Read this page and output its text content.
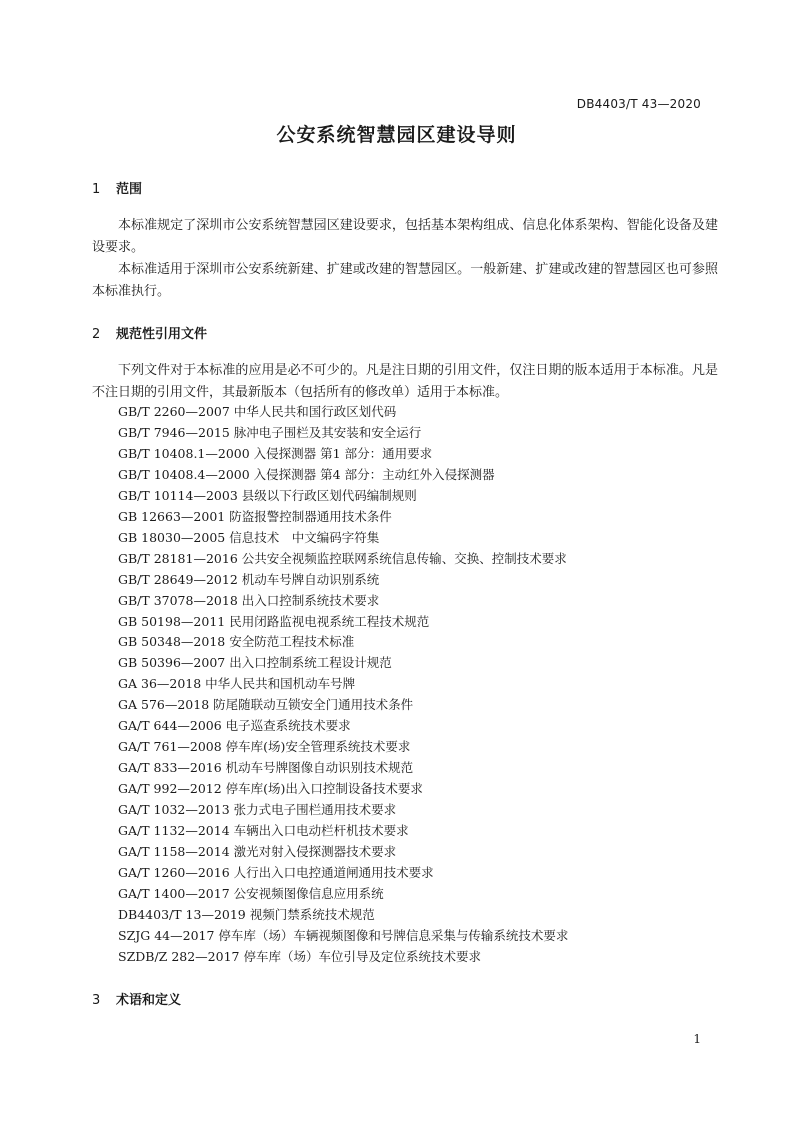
DB4403/T 43—2020
公安系统智慧园区建设导则
1 范围

本标准规定了深圳市公安系统智慧园区建设要求，包括基本架构组成、信息化体系架构、智能化设备及建设要求。

本标准适用于深圳市公安系统新建、扩建或改建的智慧园区。一般新建、扩建或改建的智慧园区也可参照本标准执行。

2 规范性引用文件

下列文件对于本标准的应用是必不可少的。凡是注日期的引用文件，仅注日期的版本适用于本标准。凡是不注日期的引用文件，其最新版本（包括所有的修改单）适用于本标准。

GB/T 2260—2007 中华人民共和国行政区划代码
GB/T 7946—2015 脉冲电子围栏及其安装和安全运行
GB/T 10408.1—2000 入侵探测器 第1 部分：通用要求
GB/T 10408.4—2000 入侵探测器 第4 部分：主动红外入侵探测器
GB/T 10114—2003 县级以下行政区划代码编制规则
GB 12663—2001 防盗报警控制器通用技术条件
GB 18030—2005 信息技术　中文编码字符集
GB/T 28181—2016 公共安全视频监控联网系统信息传输、交换、控制技术要求
GB/T 28649—2012 机动车号牌自动识别系统
GB/T 37078—2018 出入口控制系统技术要求
GB 50198—2011 民用闭路监视电视系统工程技术规范
GB 50348—2018 安全防范工程技术标准
GB 50396—2007 出入口控制系统工程设计规范
GA 36—2018 中华人民共和国机动车号牌
GA 576—2018 防尾随联动互锁安全门通用技术条件
GA/T 644—2006 电子巡查系统技术要求
GA/T 761—2008 停车库(场)安全管理系统技术要求
GA/T 833—2016 机动车号牌图像自动识别技术规范
GA/T 992—2012 停车库(场)出入口控制设备技术要求
GA/T 1032—2013 张力式电子围栏通用技术要求
GA/T 1132—2014 车辆出入口电动栏杆机技术要求
GA/T 1158—2014 激光对射入侵探测器技术要求
GA/T 1260—2016 人行出入口电控通道闸通用技术要求
GA/T 1400—2017 公安视频图像信息应用系统
DB4403/T 13—2019 视频门禁系统技术规范
SZJG 44—2017 停车库（场）车辆视频图像和号牌信息采集与传输系统技术要求
SZDB/Z 282—2017 停车库（场）车位引导及定位系统技术要求
3 术语和定义
1
